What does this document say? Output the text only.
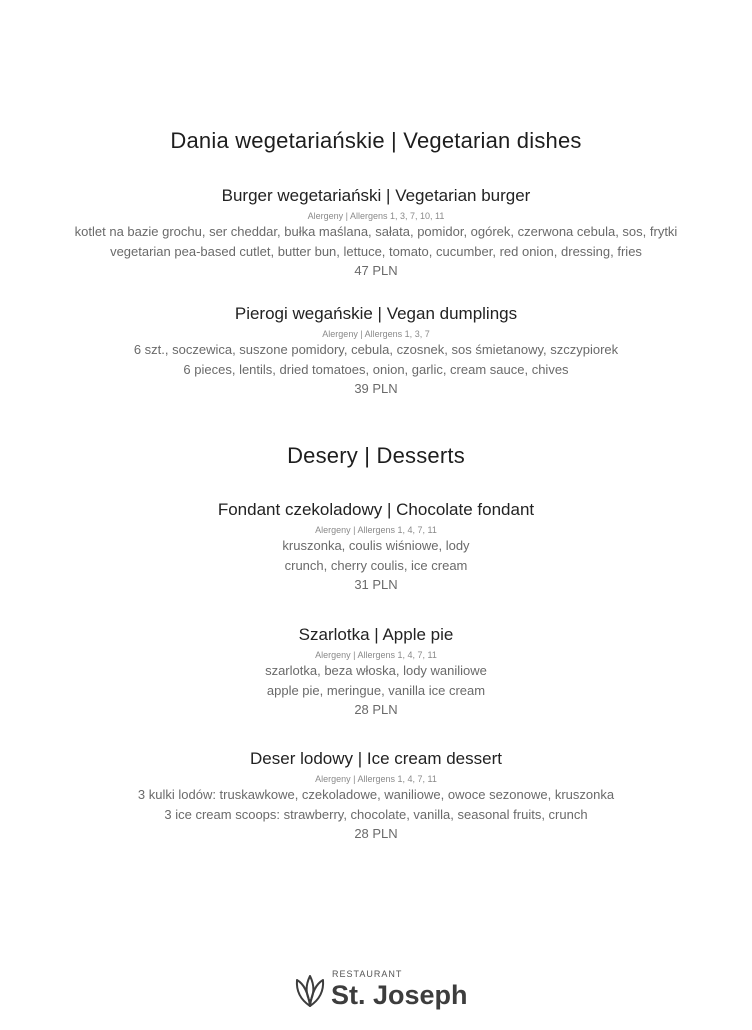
Dania wegetariańskie | Vegetarian dishes
Burger wegetariański | Vegetarian burger
Alergeny | Allergens 1, 3, 7, 10, 11
kotlet na bazie grochu, ser cheddar, bułka maślana, sałata, pomidor, ogórek, czerwona cebula, sos, frytki
vegetarian pea-based cutlet, butter bun, lettuce, tomato, cucumber, red onion, dressing, fries
47 PLN
Pierogi wegańskie | Vegan dumplings
Alergeny | Allergens 1, 3, 7
6 szt., soczewica, suszone pomidory, cebula, czosnek, sos śmietanowy, szczypiorek
6 pieces, lentils, dried tomatoes, onion, garlic, cream sauce, chives
39 PLN
Desery | Desserts
Fondant czekoladowy | Chocolate fondant
Alergeny | Allergens 1, 4, 7, 11
kruszonka, coulis wiśniowe, lody
crunch, cherry coulis, ice cream
31 PLN
Szarlotka | Apple pie
Alergeny | Allergens 1, 4, 7, 11
szarlotka, beza włoska, lody waniliowe
apple pie, meringue, vanilla ice cream
28 PLN
Deser lodowy | Ice cream dessert
Alergeny | Allergens 1, 4, 7, 11
3 kulki lodów: truskawkowe, czekoladowe, waniliowe, owoce sezonowe, kruszonka
3 ice cream scoops: strawberry, chocolate, vanilla, seasonal fruits, crunch
28 PLN
RESTAURANT
St. Joseph
